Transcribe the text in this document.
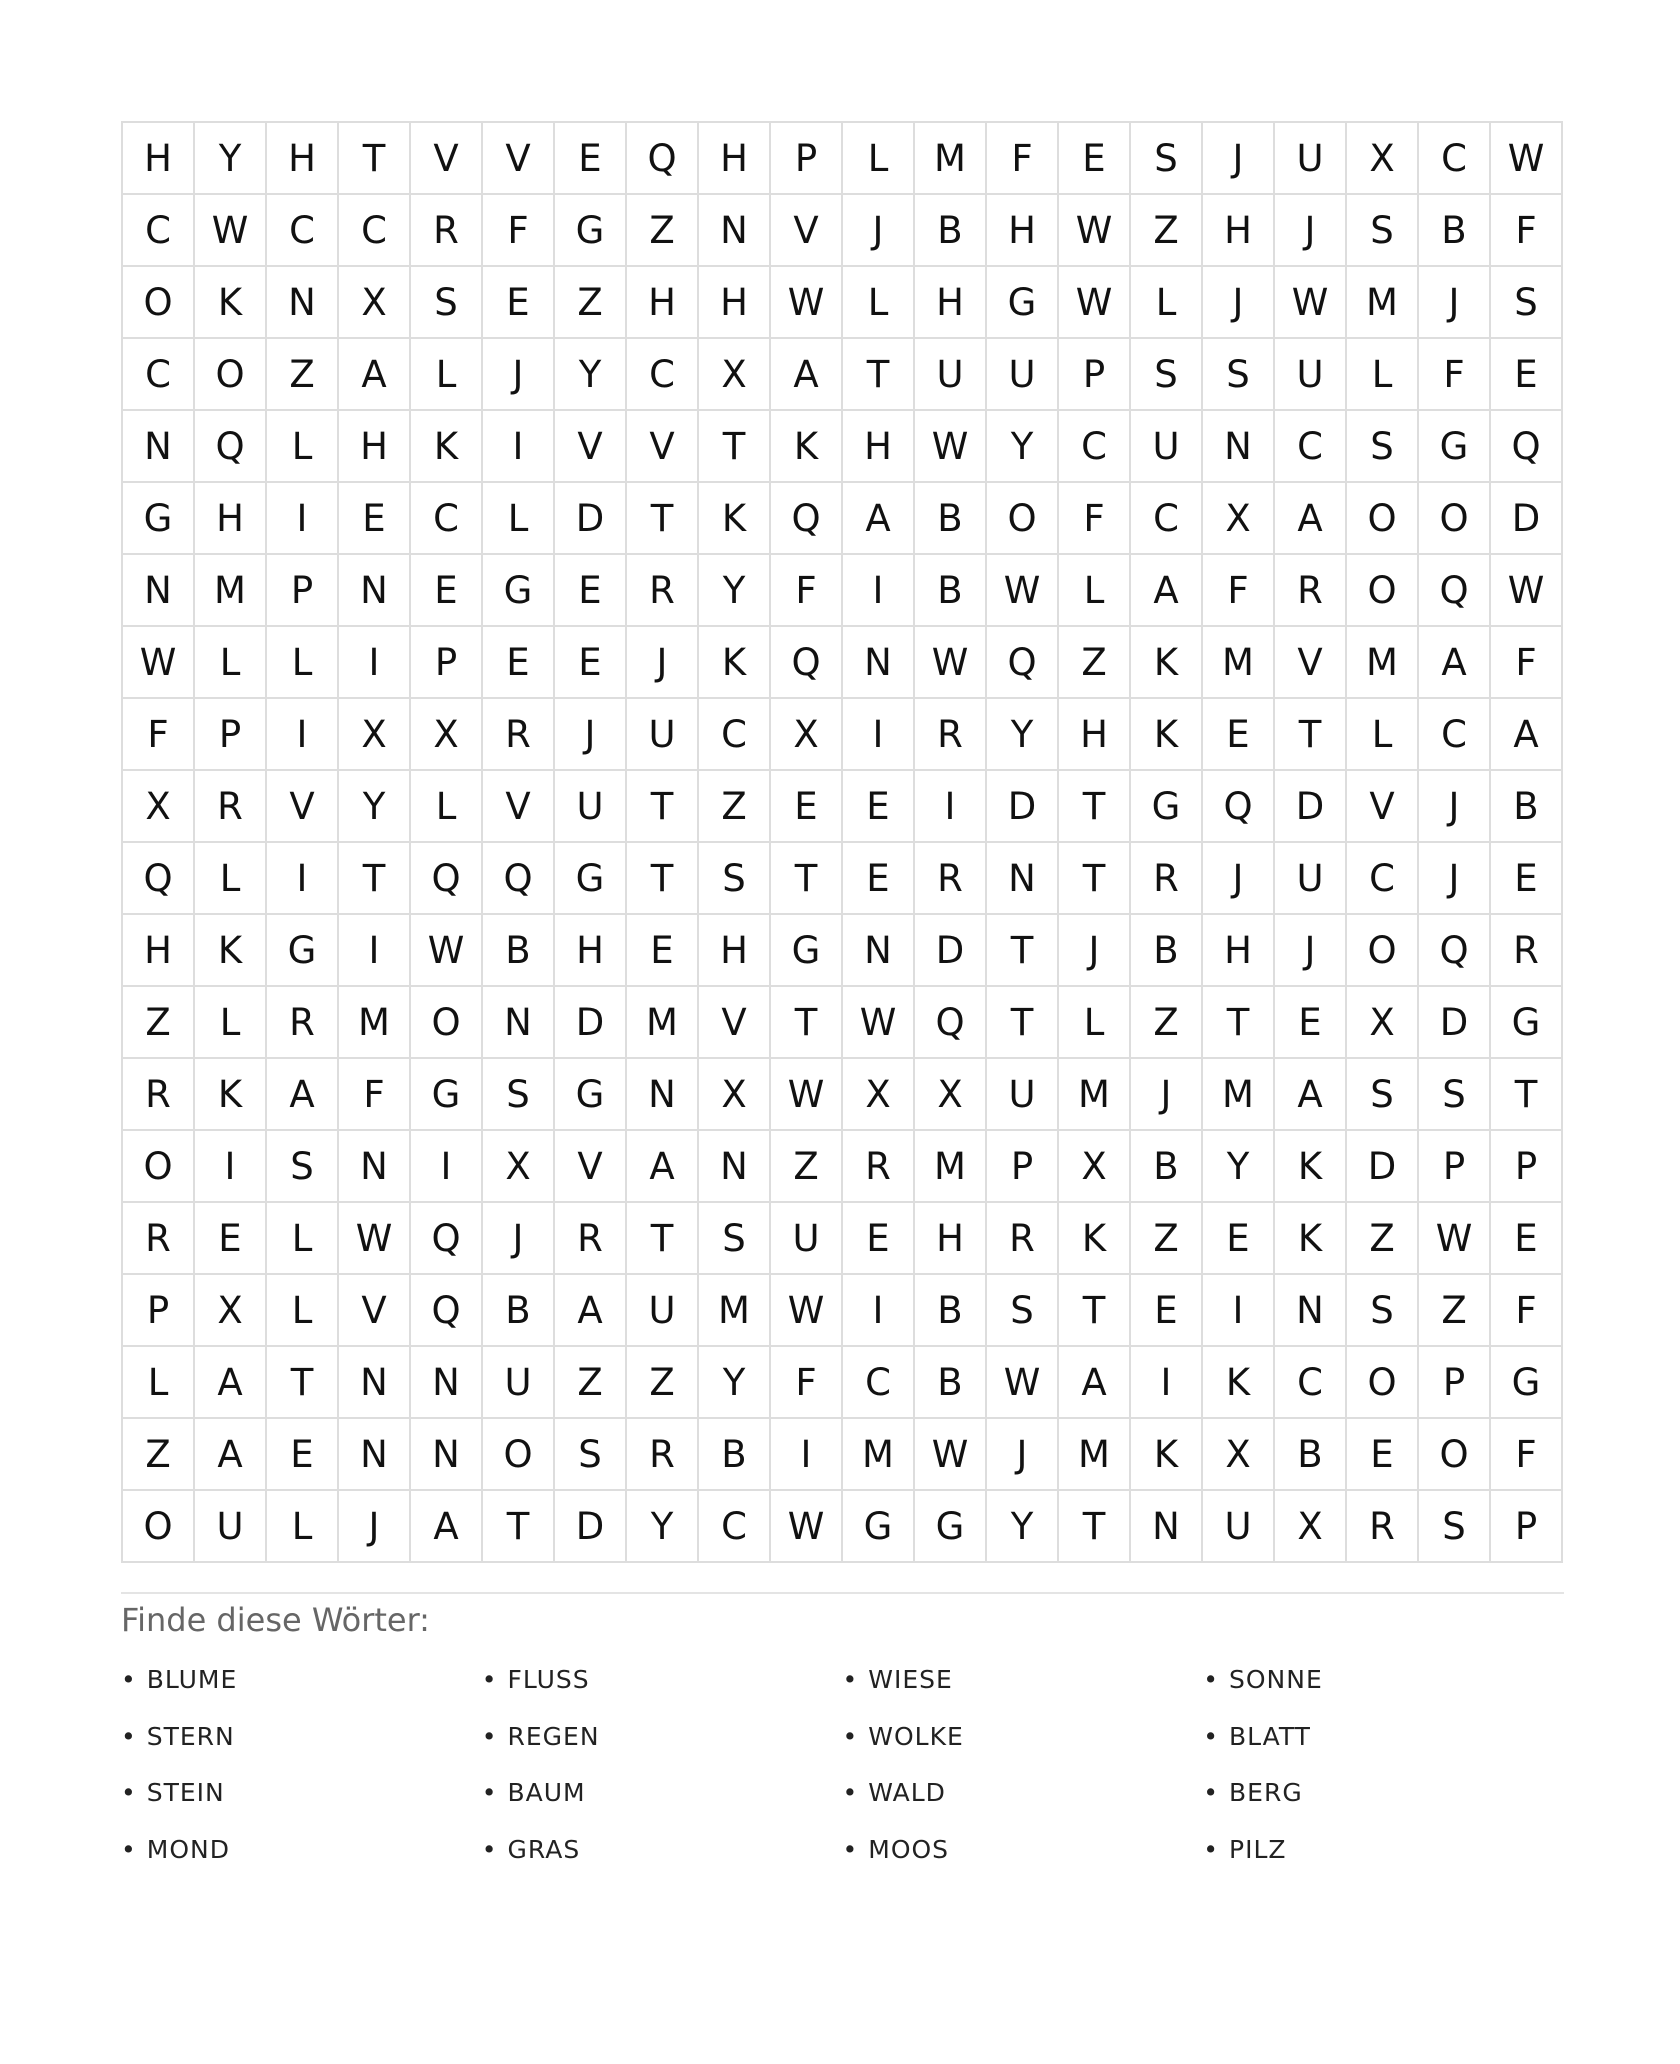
H	Y	H	T	V	V	E	Q	H	P	L	M	F	E	S	J	U	X	C	W
C	W	C	C	R	F	G	Z	N	V	J	B	H	W	Z	H	J	S	B	F
O	K	N	X	S	E	Z	H	H	W	L	H	G	W	L	J	W	M	J	S
C	O	Z	A	L	J	Y	C	X	A	T	U	U	P	S	S	U	L	F	E
N	Q	L	H	K	I	V	V	T	K	H	W	Y	C	U	N	C	S	G	Q
G	H	I	E	C	L	D	T	K	Q	A	B	O	F	C	X	A	O	O	D
N	M	P	N	E	G	E	R	Y	F	I	B	W	L	A	F	R	O	Q	W
W	L	L	I	P	E	E	J	K	Q	N	W	Q	Z	K	M	V	M	A	F
F	P	I	X	X	R	J	U	C	X	I	R	Y	H	K	E	T	L	C	A
X	R	V	Y	L	V	U	T	Z	E	E	I	D	T	G	Q	D	V	J	B
Q	L	I	T	Q	Q	G	T	S	T	E	R	N	T	R	J	U	C	J	E
H	K	G	I	W	B	H	E	H	G	N	D	T	J	B	H	J	O	Q	R
Z	L	R	M	O	N	D	M	V	T	W	Q	T	L	Z	T	E	X	D	G
R	K	A	F	G	S	G	N	X	W	X	X	U	M	J	M	A	S	S	T
O	I	S	N	I	X	V	A	N	Z	R	M	P	X	B	Y	K	D	P	P
R	E	L	W	Q	J	R	T	S	U	E	H	R	K	Z	E	K	Z	W	E
P	X	L	V	Q	B	A	U	M	W	I	B	S	T	E	I	N	S	Z	F
L	A	T	N	N	U	Z	Z	Y	F	C	B	W	A	I	K	C	O	P	G
Z	A	E	N	N	O	S	R	B	I	M	W	J	M	K	X	B	E	O	F
O	U	L	J	A	T	D	Y	C	W	G	G	Y	T	N	U	X	R	S	P
Finde diese Wörter:
• BLUME	• FLUSS	• WIESE	• SONNE
• STERN	• REGEN	• WOLKE	• BLATT
• STEIN	• BAUM	• WALD	• BERG
• MOND	• GRAS	• MOOS	• PILZ
